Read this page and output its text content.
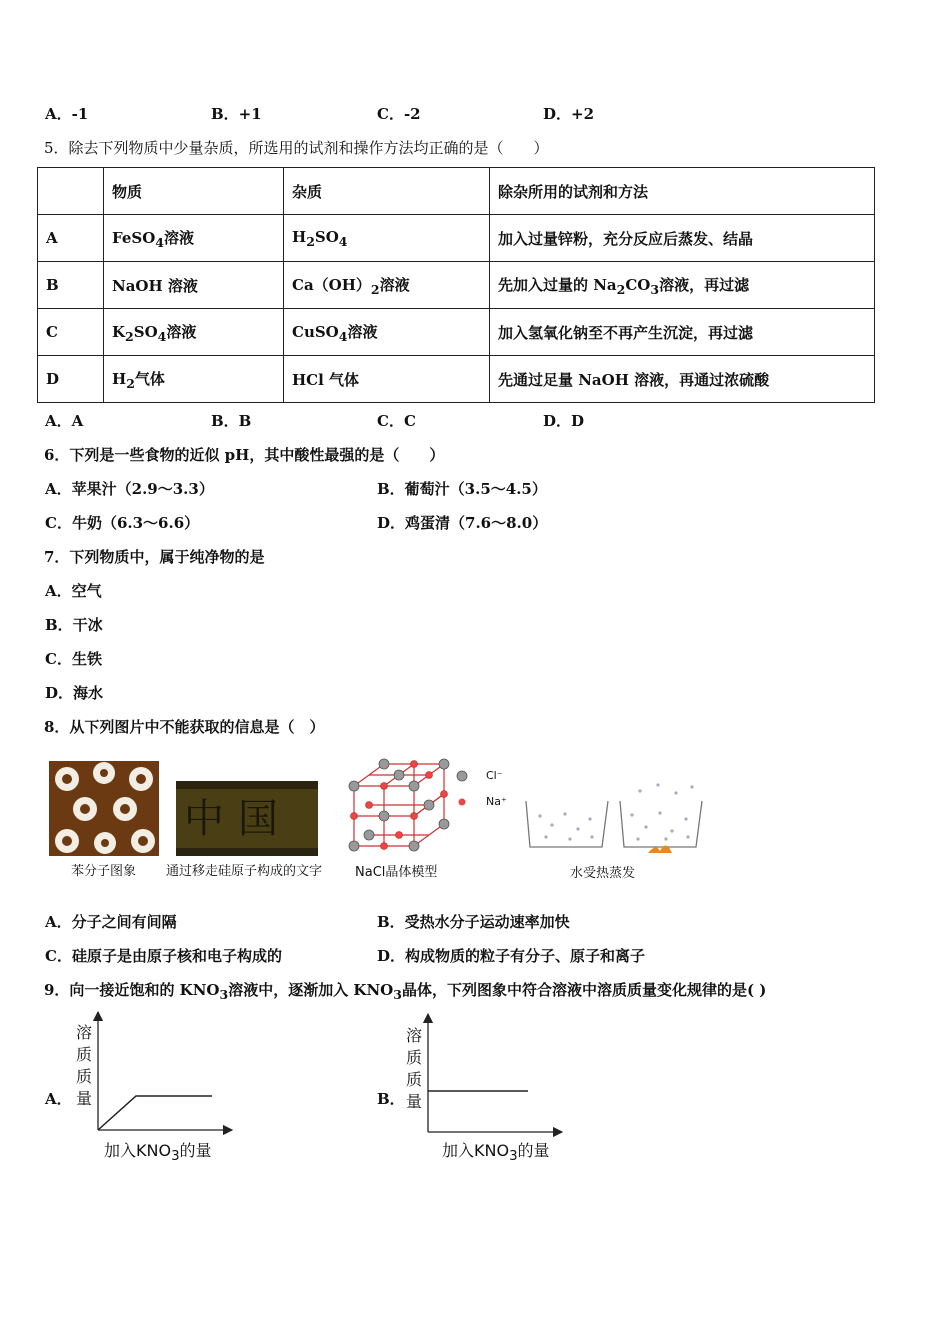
A．-1	B．+1	C．-2	D．+2
5．除去下列物质中少量杂质，所选用的试剂和操作方法均正确的是（　　）
	物质	杂质	除杂所用的试剂和方法
A	FeSO$_4$溶液	$H_2SO_4$	加入过量锌粉，充分反应后蒸发、结晶
B	NaOH 溶液	$Ca(OH)_2$溶液	先加入过量的 $Na_2CO_3$溶液，再过滤
C	$K_2SO_4$溶液	CuSO$_4$溶液	加入氢氧化钠至不再产生沉淀，再过滤
D	$H_2$气体	HCl 气体	先通过足量 NaOH 溶液，再通过浓硫酸
A．A	B．B	C．C	D．D
6．下列是一些食物的近似 pH，其中酸性最强的是（　　）
A．苹果汁（2.9～3.3）	B．葡萄汁（3.5～4.5）
C．牛奶（6.3～6.6）	D．鸡蛋清（7.6～8.0）
7．下列物质中，属于纯净物的是
A．空气
B．干冰
C．生铁
D．海水
8．从下列图片中不能获取的信息是（　）
苯分子图象
中国
通过移走硅原子构成的文字
Cl⁻
Na⁺
NaCl晶体模型	水受热蒸发
A．分子之间有间隔	B．受热水分子运动速率加快
C．硅原子是由原子核和电子构成的	D．构成物质的粒子有分子、原子和离子
9．向一接近饱和的 $KNO_3$溶液中，逐渐加入 $KNO_3$晶体，下列图象中符合溶液中溶质质量变化规律的是( )
A．
溶
质
质
量
加入$KNO_3$的量
B．
溶
质
质
量
加入$KNO_3$的量
